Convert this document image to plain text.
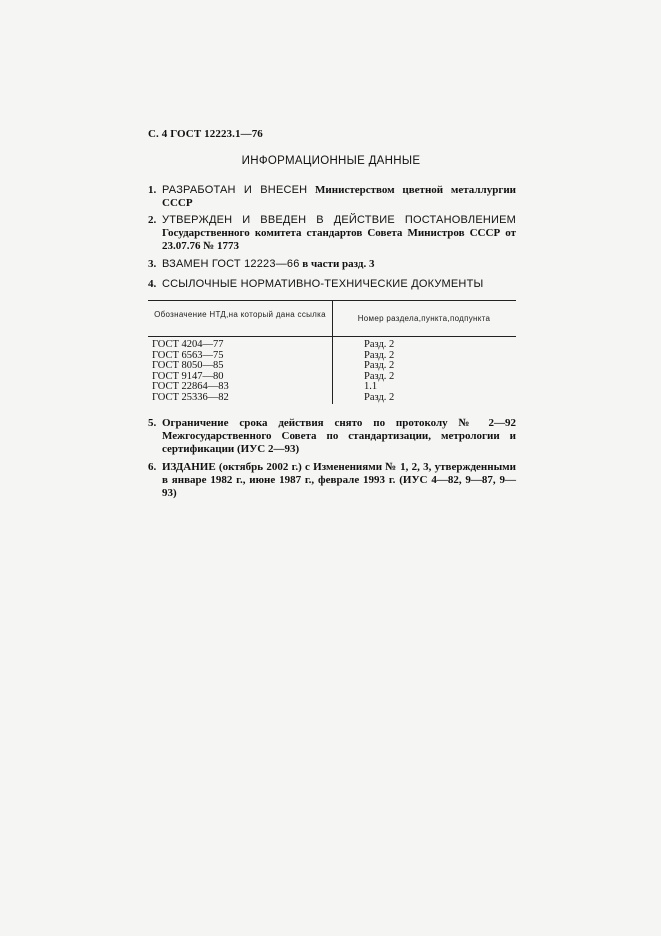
С. 4 ГОСТ 12223.1—76
ИНФОРМАЦИОННЫЕ ДАННЫЕ
1. РАЗРАБОТАН И ВНЕСЕН Министерством цветной металлургии СССР
2. УТВЕРЖДЕН И ВВЕДЕН В ДЕЙСТВИЕ ПОСТАНОВЛЕНИЕМ Государственного комитета стандартов Совета Министров СССР от 23.07.76 № 1773
3. ВЗАМЕН ГОСТ 12223—66 в части разд. 3
4. ССЫЛОЧНЫЕ НОРМАТИВНО-ТЕХНИЧЕСКИЕ ДОКУМЕНТЫ
Обозначение НТД,на который дана ссылка	Номер раздела,пункта,подпункта
ГОСТ 4204—77
ГОСТ 6563—75
ГОСТ 8050—85
ГОСТ 9147—80
ГОСТ 22864—83
ГОСТ 25336—82
Разд. 2
Разд. 2
Разд. 2
Разд. 2
1.1
Разд. 2
5. Ограничение срока действия снято по протоколу № 2—92 Межгосударственного Совета по стандартизации, метрологии и сертификации (ИУС 2—93)
6. ИЗДАНИЕ (октябрь 2002 г.) с Изменениями № 1, 2, 3, утвержденными в январе 1982 г., июне 1987 г., феврале 1993 г. (ИУС 4—82, 9—87, 9—93)
